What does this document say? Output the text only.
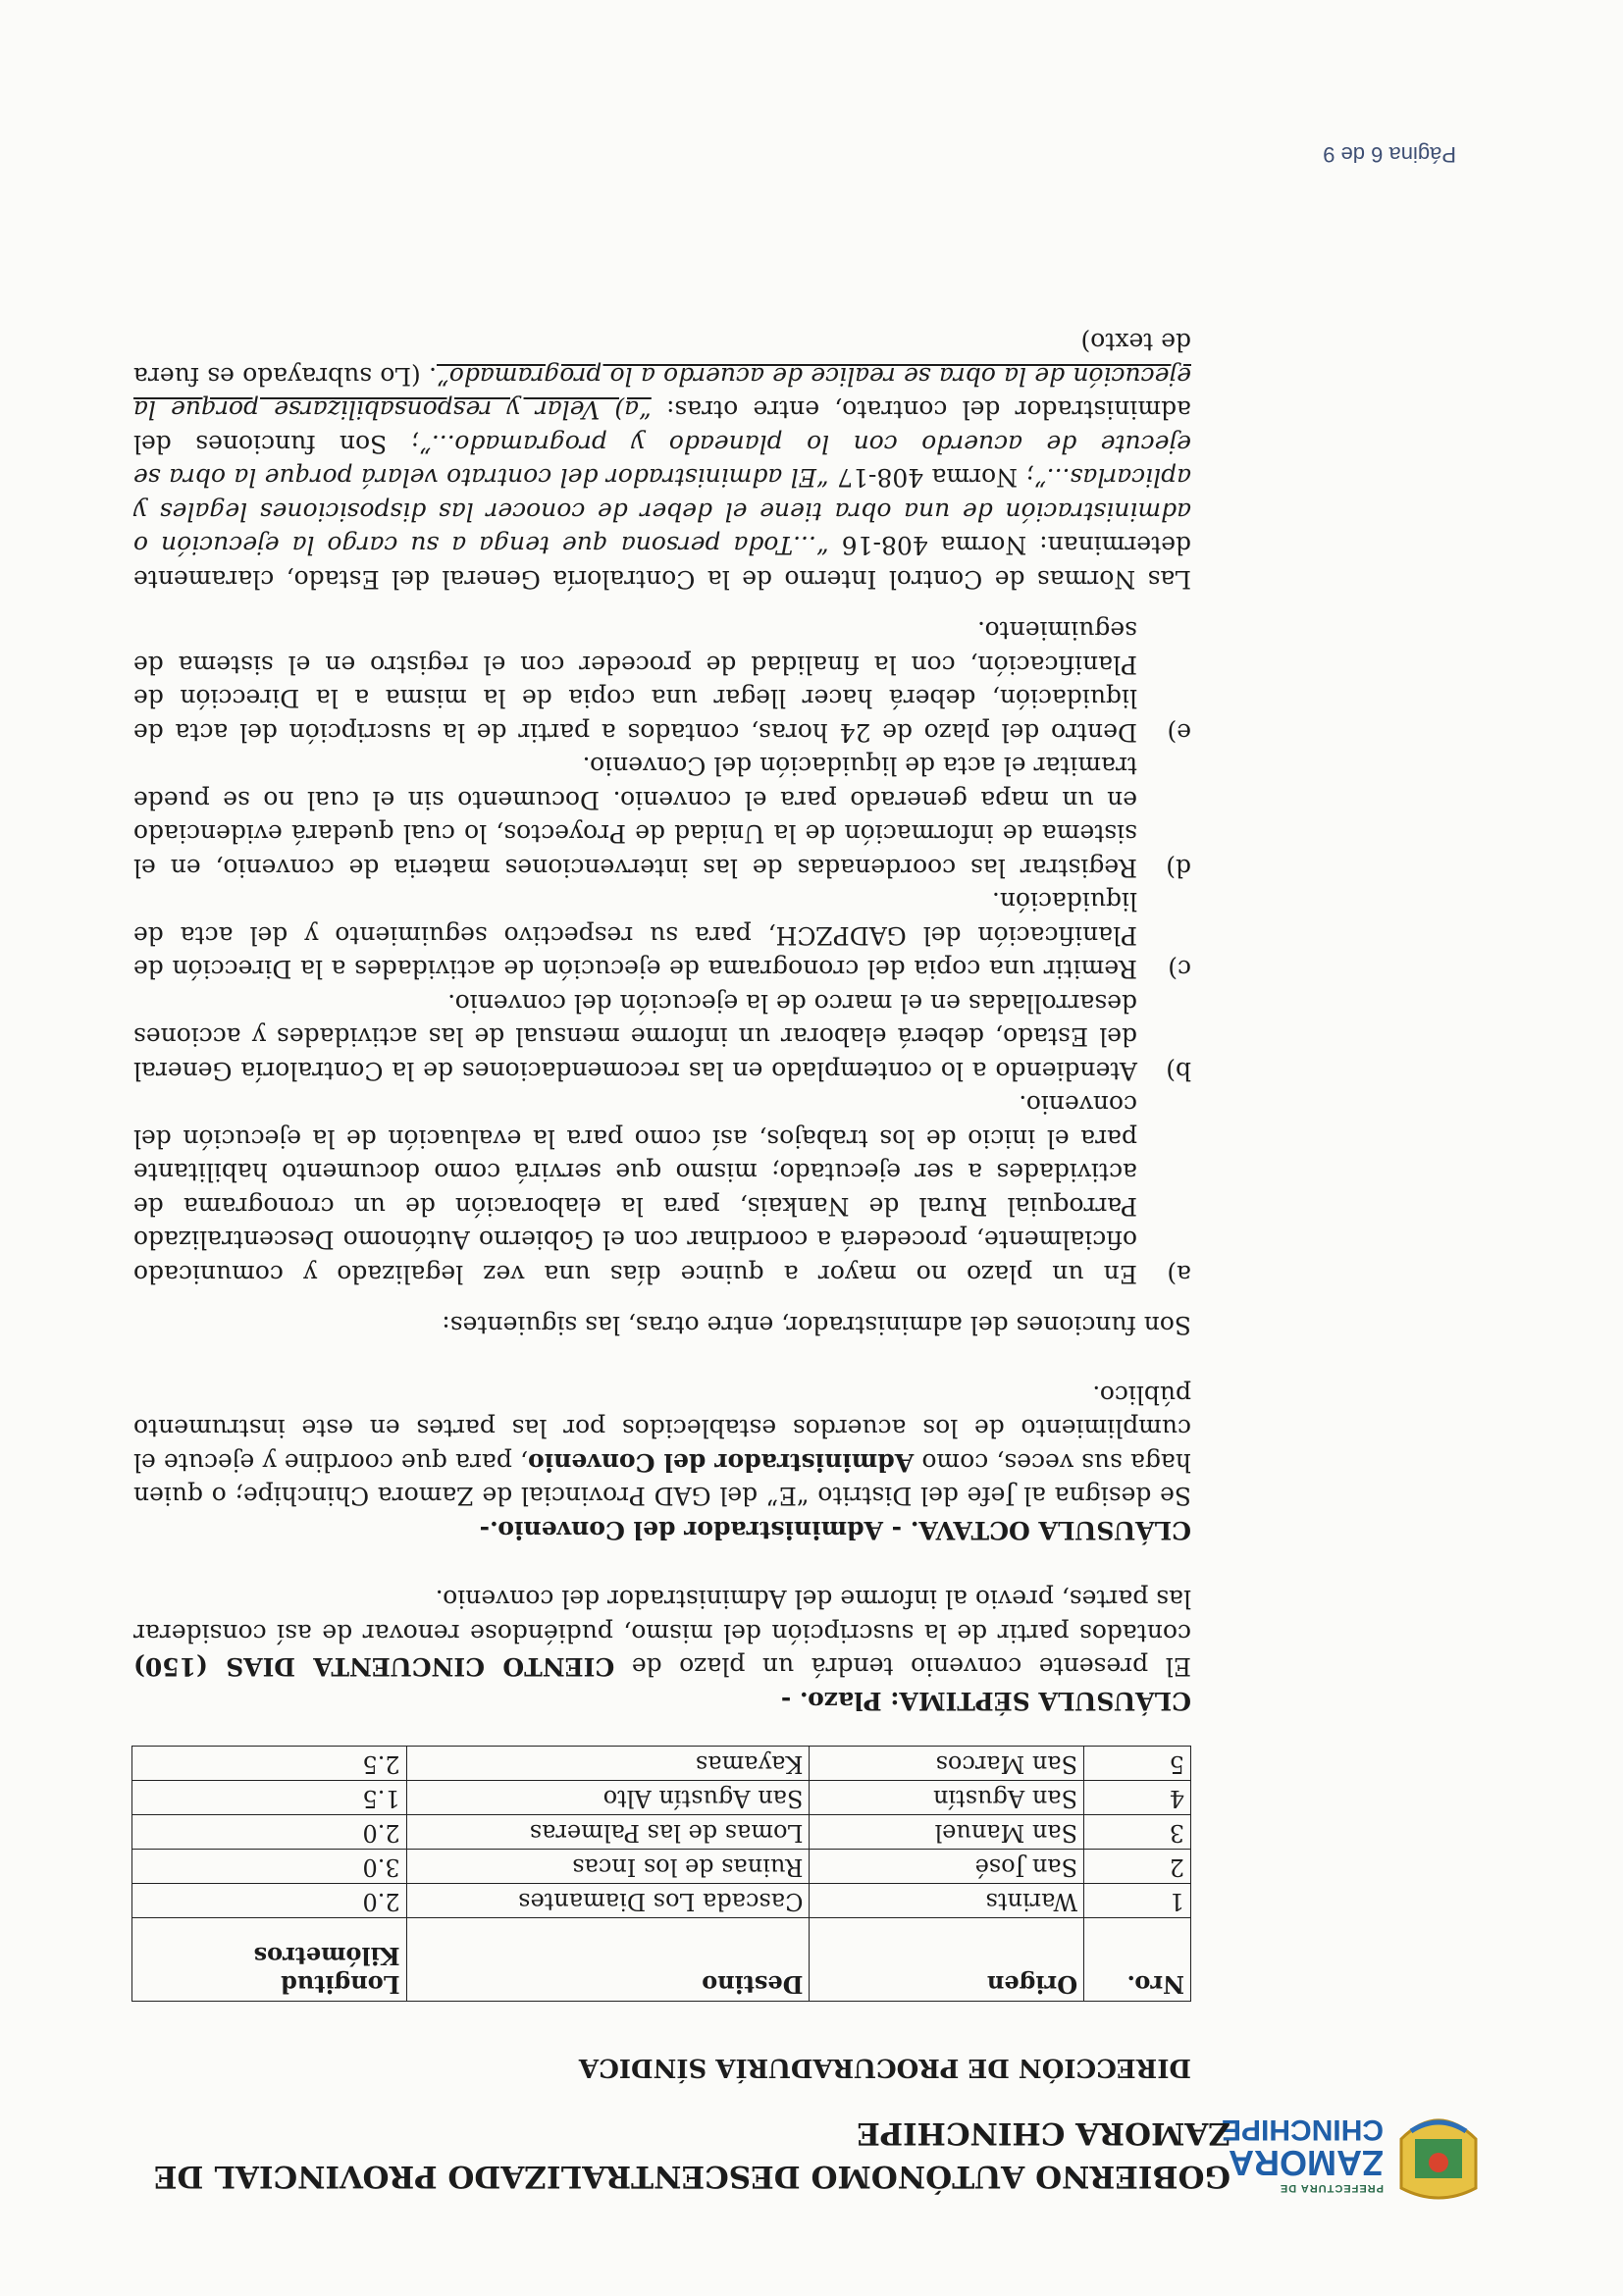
PREFECTURA DE
ZAMORA
CHINCHIPE
GOBIERNO AUTÓNOMO DESCENTRALIZADO PROVINCIAL DE ZAMORA CHINCHIPE
DIRECCIÓN DE PROCURADURÍA SÍNDICA
Nro.	Origen	Destino	Longitud Kilómetros
1	Warints	Cascada Los Diamantes	2.0
2	San José	Ruinas de los Incas	3.0
3	San Manuel	Lomas de las Palmeras	2.0
4	San Agustín	San Agustín Alto	1.5
5	San Marcos	Kayamas	2.5

CLÁUSULA SÉPTIMA: Plazo. -

El presente convenio tendrá un plazo de CIENTO CINCUENTA DIAS (150) contados partir de la suscripción del mismo, pudiéndose renovar de así considerar las partes, previo al informe del Administrador del convenio.

CLÁUSULA OCTAVA. - Administrador del Convenio.-

Se designa al Jefe del Distrito “E” del GAD Provincial de Zamora Chinchipe; o quien haga sus veces, como Administrador del Convenio, para que coordine y ejecute el cumplimiento de los acuerdos establecidos por las partes en este instrumento público.

Son funciones del administrador, entre otras, las siguientes:

a)
En un plazo no mayor a quince días una vez legalizado y comunicado oficialmente, procederá a coordinar con el Gobierno Autónomo Descentralizado Parroquial Rural de Nankais, para la elaboración de un cronograma de actividades a ser ejecutado; mismo que servirá como documento habilitante para el inicio de los trabajos, así como para la evaluación de la ejecución del convenio.
b)
Atendiendo a lo contemplado en las recomendaciones de la Contraloría General del Estado, deberá elaborar un informe mensual de las actividades y acciones desarrolladas en el marco de la ejecución del convenio.
c)
Remitir una copia del cronograma de ejecución de actividades a la Dirección de Planificación del GADPZCH, para su respectivo seguimiento y del acta de liquidación.
d)
Registrar las coordenadas de las intervenciones materia de convenio, en el sistema de información de la Unidad de Proyectos, lo cual quedará evidenciado en un mapa generado para el convenio. Documento sin el cual no se puede tramitar el acta de liquidación del Convenio.
e)
Dentro del plazo de 24 horas, contados a partir de la suscripción del acta de liquidación, deberá hacer llegar una copia de la misma a la Dirección de Planificación, con la finalidad de proceder con el registro en el sistema de seguimiento.

Las Normas de Control Interno de la Contraloría General del Estado, claramente determinan: Norma 408-16 “...Toda persona que tenga a su cargo la ejecución o administración de una obra tiene el deber de conocer las disposiciones legales y aplicarlas...”; Norma 408-17 “El administrador del contrato velará porque la obra se ejecute de acuerdo con lo planeado y programado...”; Son funciones del administrador del contrato, entre otras: “a) Velar y responsabilizarse porque la ejecución de la obra se realice de acuerdo a lo programado”. (Lo subrayado es fuera de texto)

Página 6 de 9
